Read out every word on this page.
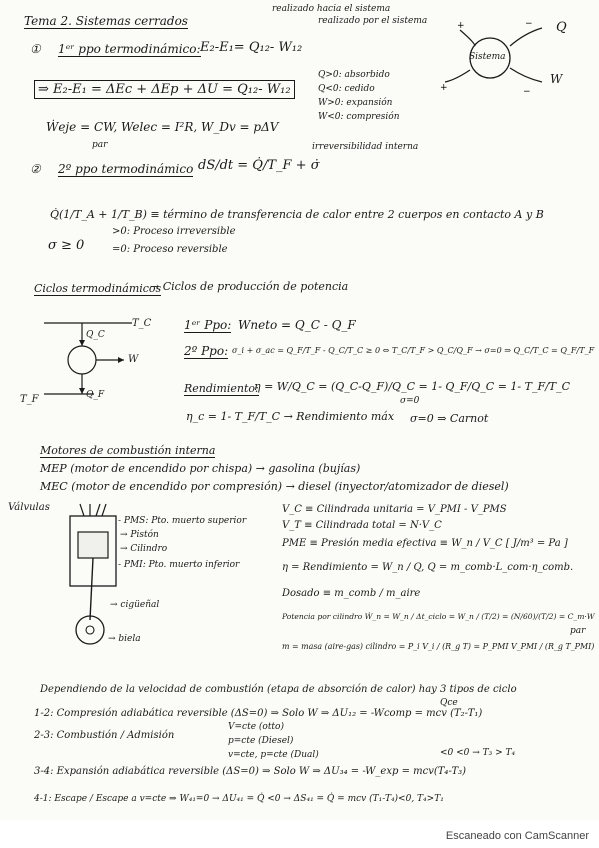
Tema 2. Sistemas cerrados
realizado hacia el sistema
realizado por el sistema
① 1ᵉʳ ppo termodinámico: E₂-E₁= Q₁₂- W₁₂
+	−
+	−
Sistema
Q
W
⇒ E₂-E₁ = ΔEc + ΔEp + ΔU = Q₁₂- W₁₂
Q>0: absorbido
Q<0: cedido
W>0: expansión
W<0: compresión
Ẇeje = CW, Welec = I²R, W_Dv = pΔV
par
② 2º ppo termodinámico dS/dt = Q̇/T_F + σ̇
irreversibilidad interna
Q̇(1/T_A + 1/T_B) ≡ término de transferencia de calor entre 2 cuerpos en contacto A y B
σ ≥ 0
>0: Proceso irreversible
=0: Proceso reversible
Ciclos termodinámicos
→ Ciclos de producción de potencia
T_C
T_F
Q_C
Q_F
W
1ᵉʳ Ppo: Wneto = Q_C - Q_F
2º Ppo: σ_i + σ_ac = Q_F/T_F - Q_C/T_C ≥ 0 ⇔ T_C/T_F > Q_C/Q_F → σ=0 ⇒ Q_C/T_C = Q_F/T_F
Rendimiento:
η = W/Q_C = (Q_C-Q_F)/Q_C = 1- Q_F/Q_C = 1- T_F/T_C
σ=0
η_c = 1- T_F/T_C → Rendimiento máx σ=0 ⇒ Carnot
Motores de combustión interna
MEP (motor de encendido por chispa) → gasolina (bujías)
MEC (motor de encendido por compresión) → diesel (inyector/atomizador de diesel)
Válvulas
- PMS: Pto. muerto superior
→ Pistón
→ Cilindro
- PMI: Pto. muerto inferior
→ cigüeñal
→ biela
V_C ≡ Cilindrada unitaria = V_PMI - V_PMS
V_T ≡ Cilindrada total = N·V_C
PME ≡ Presión media efectiva ≡ W_n / V_C [ J/m³ = Pa ]
η = Rendimiento = W_n / Q, Q = m_comb·L_com·η_comb.
Dosado ≡ m_comb / m_aire
Potencia por cilindro Ẇ_n = W_n / Δt_ciclo = W_n / (T/2) = (N/60)/(T/2) = C_m·W
par
m = masa (aire-gas) cilindro = P_i V_i / (R_g T) = P_PMI V_PMI / (R_g T_PMI)
Dependiendo de la velocidad de combustión (etapa de absorción de calor) hay 3 tipos de ciclo
Qce
1-2: Compresión adiabática reversible (ΔS=0) ⇒ Solo W ⇒ ΔU₁₂ = -Wcomp = mcv (T₂-T₁)
2-3: Combustión / Admisión
V=cte (otto)
p=cte (Diesel)
v=cte, p=cte (Dual)	<0 <0 → T₃ > T₄
3-4: Expansión adiabática reversible (ΔS=0) ⇒ Solo W ⇒ ΔU₃₄ = -W_exp = mcv(T₄-T₃)
4-1: Escape / Escape a v=cte ⇒ W₄₁=0 → ΔU₄₁ = Q̇ <0 → ΔS₄₁ = Q̇ = mcv (T₁-T₄)<0, T₄>T₁
Escaneado con CamScanner
